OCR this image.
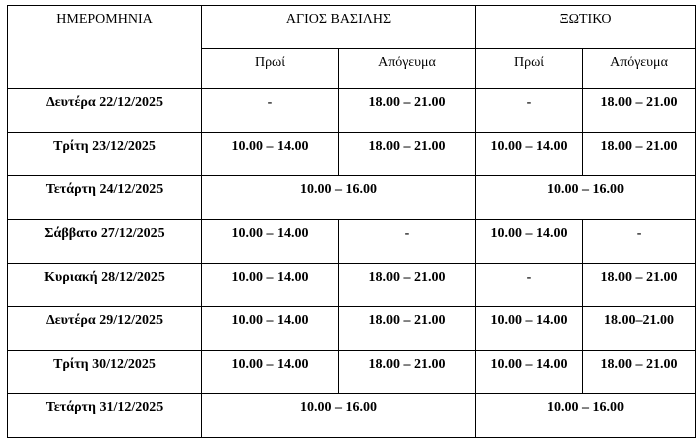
ΗΜΕΡΟΜΗΝΙΑ	ΑΓΙΟΣ ΒΑΣΙΛΗΣ		ΞΩΤΙΚΟ	

	Πρωί	Απόγευμα	Πρωί	Απόγευμα

Δευτέρα 22/12/2025	-	18.00 – 21.00	-	18.00 – 21.00

Τρίτη 23/12/2025	10.00 – 14.00	18.00 – 21.00	10.00 – 14.00	18.00 – 21.00

Τετάρτη 24/12/2025	10.00 – 16.00		10.00 – 16.00	

Σάββατο 27/12/2025	10.00 – 14.00	-	10.00 – 14.00	-

Κυριακή 28/12/2025	10.00 – 14.00	18.00 – 21.00	-	18.00 – 21.00

Δευτέρα 29/12/2025	10.00 – 14.00	18.00 – 21.00	10.00 – 14.00	18.00–21.00

Τρίτη 30/12/2025	10.00 – 14.00	18.00 – 21.00	10.00 – 14.00	18.00 – 21.00

Τετάρτη 31/12/2025	10.00 – 16.00		10.00 – 16.00	
